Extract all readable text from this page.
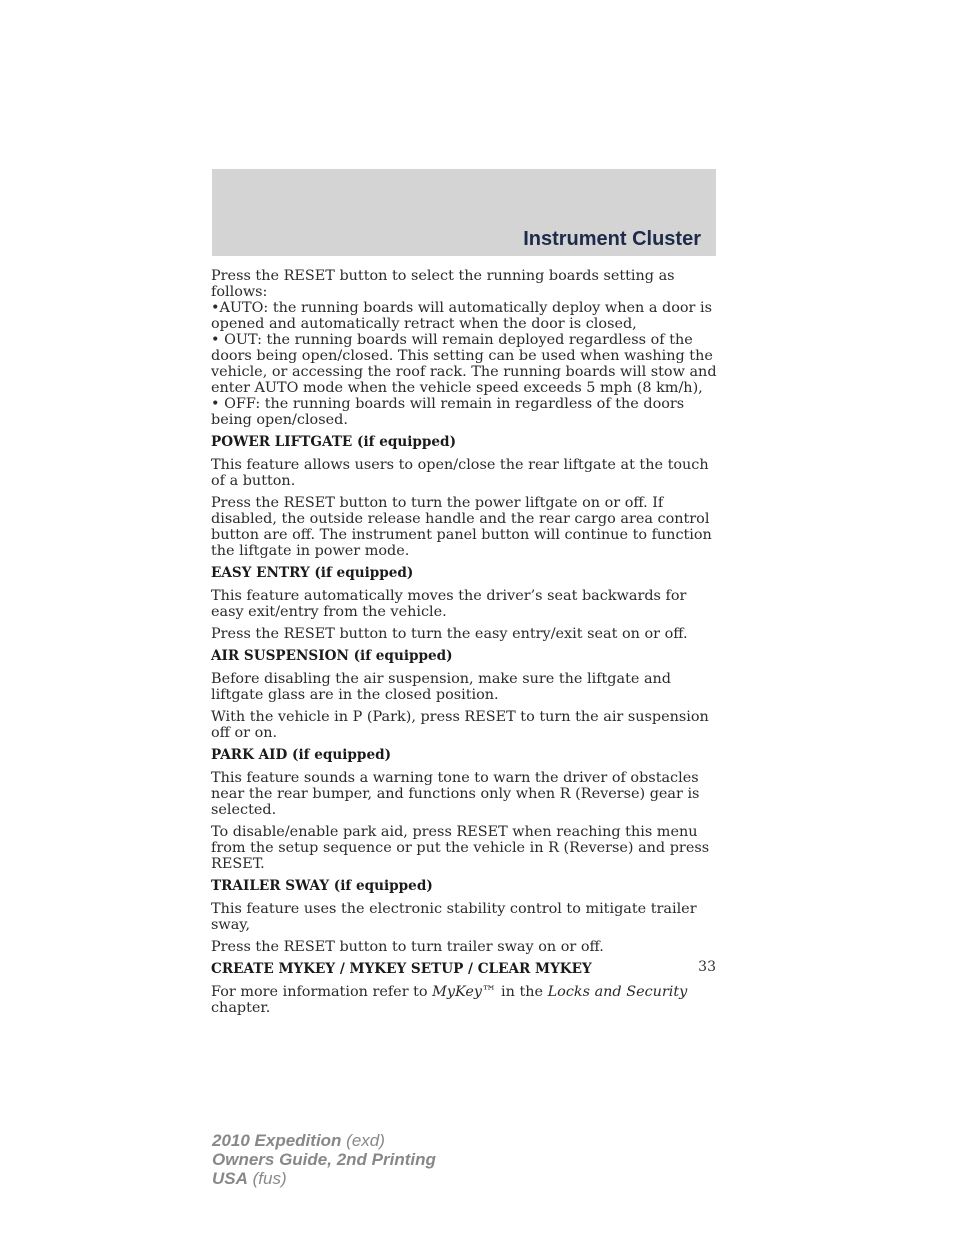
Instrument Cluster

Press the RESET button to select the running boards setting as follows:

•AUTO: the running boards will automatically deploy when a door is opened and automatically retract when the door is closed,

• OUT: the running boards will remain deployed regardless of the doors being open/closed. This setting can be used when washing the vehicle, or accessing the roof rack. The running boards will stow and enter AUTO mode when the vehicle speed exceeds 5 mph (8 km/h),

• OFF: the running boards will remain in regardless of the doors being open/closed.

POWER LIFTGATE (if equipped)

This feature allows users to open/close the rear liftgate at the touch of a button.

Press the RESET button to turn the power liftgate on or off. If disabled, the outside release handle and the rear cargo area control button are off. The instrument panel button will continue to function the liftgate in power mode.

EASY ENTRY (if equipped)

This feature automatically moves the driver’s seat backwards for easy exit/entry from the vehicle.

Press the RESET button to turn the easy entry/exit seat on or off.

AIR SUSPENSION (if equipped)

Before disabling the air suspension, make sure the liftgate and liftgate glass are in the closed position.

With the vehicle in P (Park), press RESET to turn the air suspension off or on.

PARK AID (if equipped)

This feature sounds a warning tone to warn the driver of obstacles near the rear bumper, and functions only when R (Reverse) gear is selected.

To disable/enable park aid, press RESET when reaching this menu from the setup sequence or put the vehicle in R (Reverse) and press RESET.

TRAILER SWAY (if equipped)

This feature uses the electronic stability control to mitigate trailer sway,

Press the RESET button to turn trailer sway on or off.

CREATE MYKEY / MYKEY SETUP / CLEAR MYKEY

For more information refer to MyKey™ in the Locks and Security chapter.

33
2010 Expedition (exd)
Owners Guide, 2nd Printing
USA (fus)
